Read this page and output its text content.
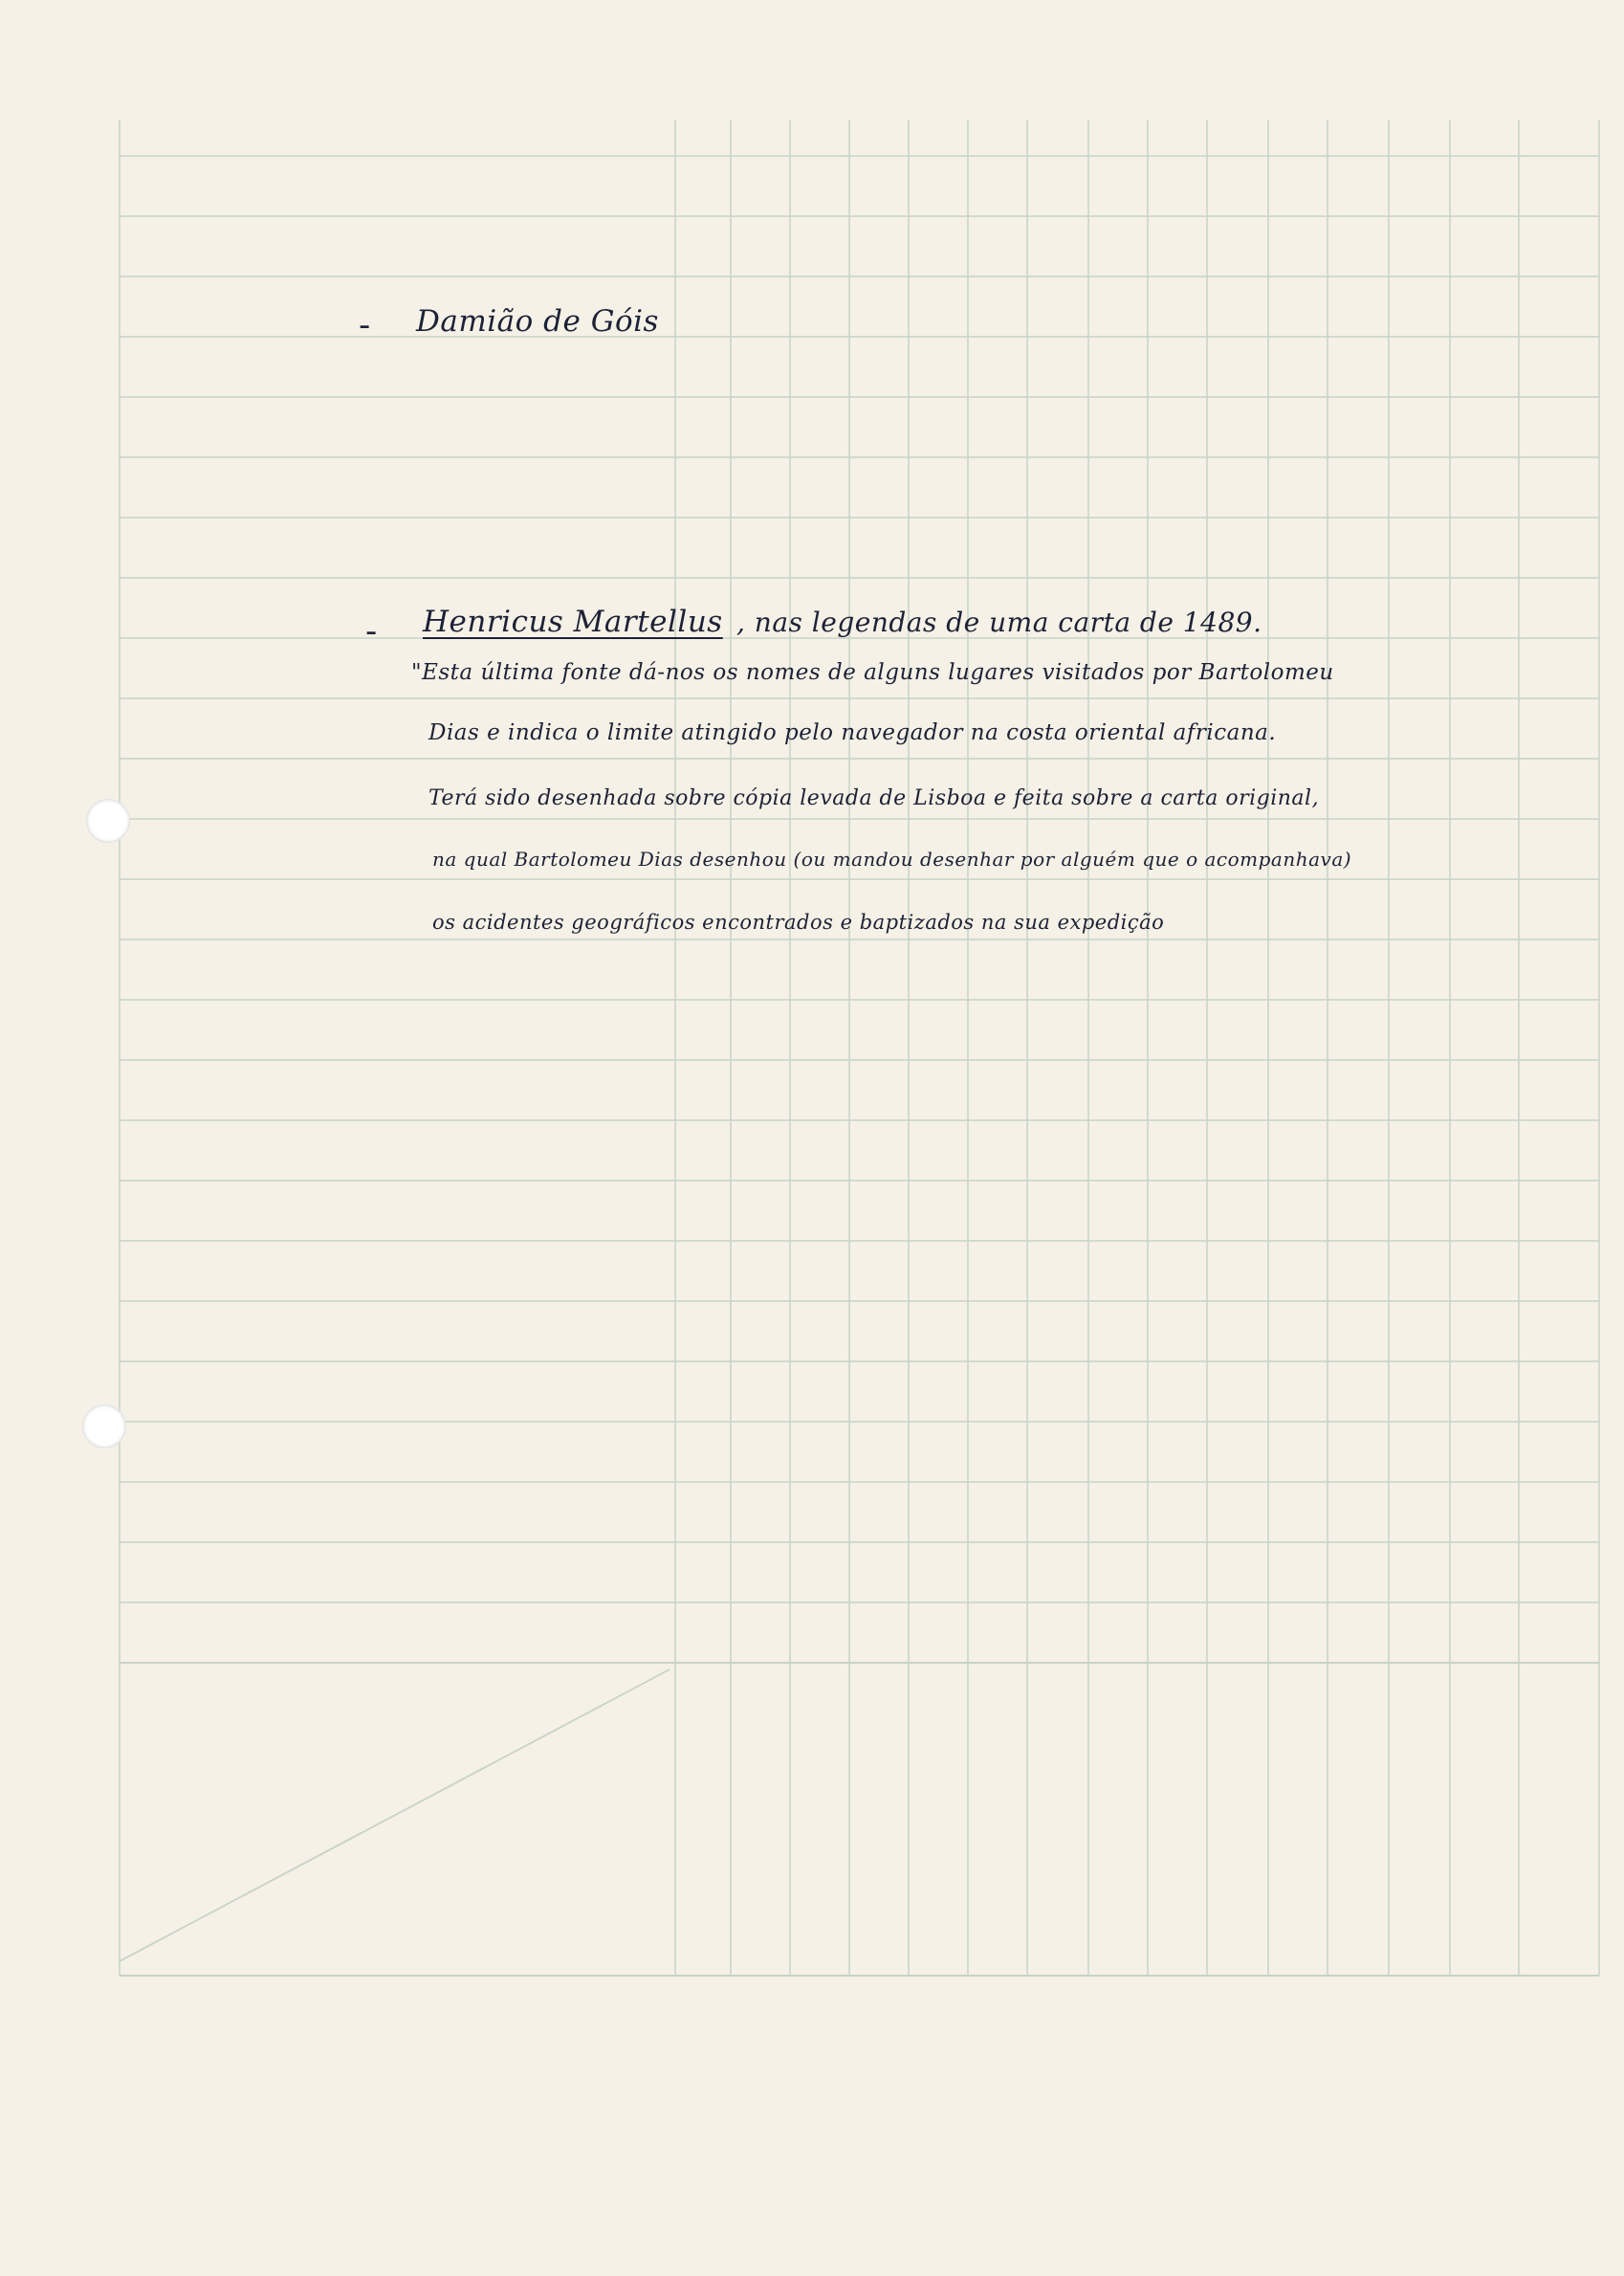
- Damião de Góis
- Henricus Martellus , nas legendas de uma carta de 1489.
"Esta última fonte dá-nos os nomes de alguns lugares visitados por Bartolomeu
Dias e indica o limite atingido pelo navegador na costa oriental africana.
Terá sido desenhada sobre cópia levada de Lisboa e feita sobre a carta original,
na qual Bartolomeu Dias desenhou (ou mandou desenhar por alguém que o acompanhava)
os acidentes geográficos encontrados e baptizados na sua expedição
